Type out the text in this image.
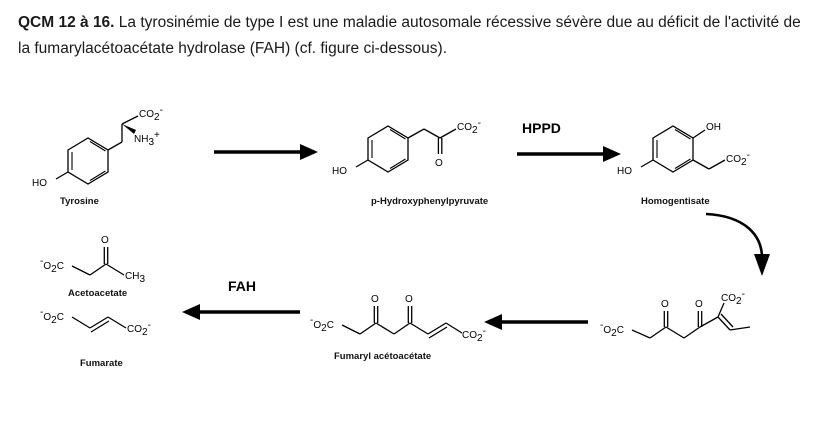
QCM 12 à 16. La tyrosinémie de type I est une maladie autosomale récessive sévère due au déficit de l'activité de la fumarylacétoacétate hydrolase (FAH) (cf. figure ci-dessous).
HO
CO2-
NH3+
Tyrosine
HO
O
CO2-
p-Hydroxyphenylpyruvate
HPPD
HO
OH
CO2-
Homogentisate
-O2C
O	O
CO2-
-O2C
O	O
CO2-
Fumaryl acétoacétate
FAH
-O2C
O
CH3
Acetoacetate
-O2C
CO2-
Fumarate
